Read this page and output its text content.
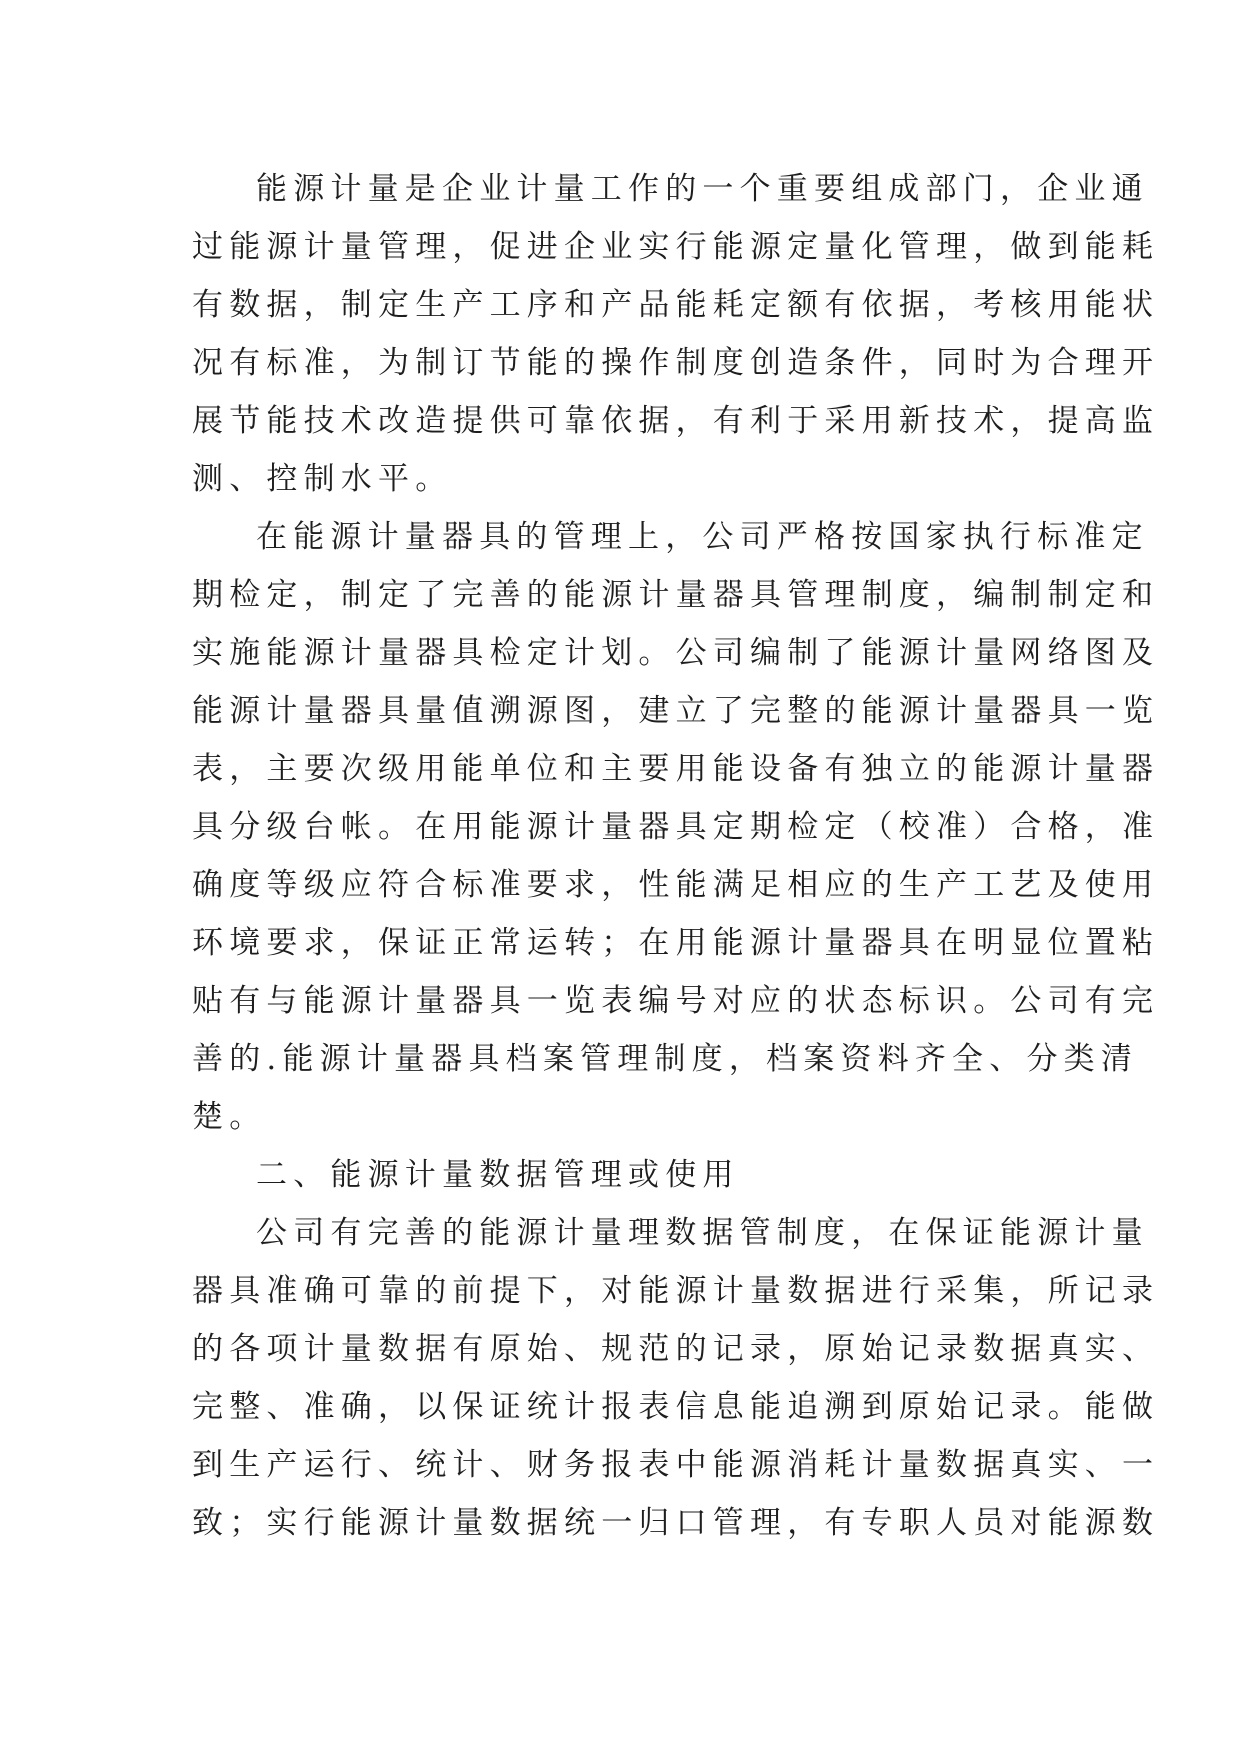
能源计量是企业计量工作的一个重要组成部门，企业通
过能源计量管理，促进企业实行能源定量化管理，做到能耗
有数据，制定生产工序和产品能耗定额有依据，考核用能状
况有标准，为制订节能的操作制度创造条件，同时为合理开
展节能技术改造提供可靠依据，有利于采用新技术，提高监
测、控制水平。
在能源计量器具的管理上，公司严格按国家执行标准定
期检定，制定了完善的能源计量器具管理制度，编制制定和
实施能源计量器具检定计划。公司编制了能源计量网络图及
能源计量器具量值溯源图，建立了完整的能源计量器具一览
表，主要次级用能单位和主要用能设备有独立的能源计量器
具分级台帐。在用能源计量器具定期检定（校准）合格，准
确度等级应符合标准要求，性能满足相应的生产工艺及使用
环境要求，保证正常运转；在用能源计量器具在明显位置粘
贴有与能源计量器具一览表编号对应的状态标识。公司有完
善的.能源计量器具档案管理制度，档案资料齐全、分类清
楚。
二、能源计量数据管理或使用
公司有完善的能源计量理数据管制度，在保证能源计量
器具准确可靠的前提下，对能源计量数据进行采集，所记录
的各项计量数据有原始、规范的记录，原始记录数据真实、
完整、准确，以保证统计报表信息能追溯到原始记录。能做
到生产运行、统计、财务报表中能源消耗计量数据真实、一
致；实行能源计量数据统一归口管理，有专职人员对能源数
